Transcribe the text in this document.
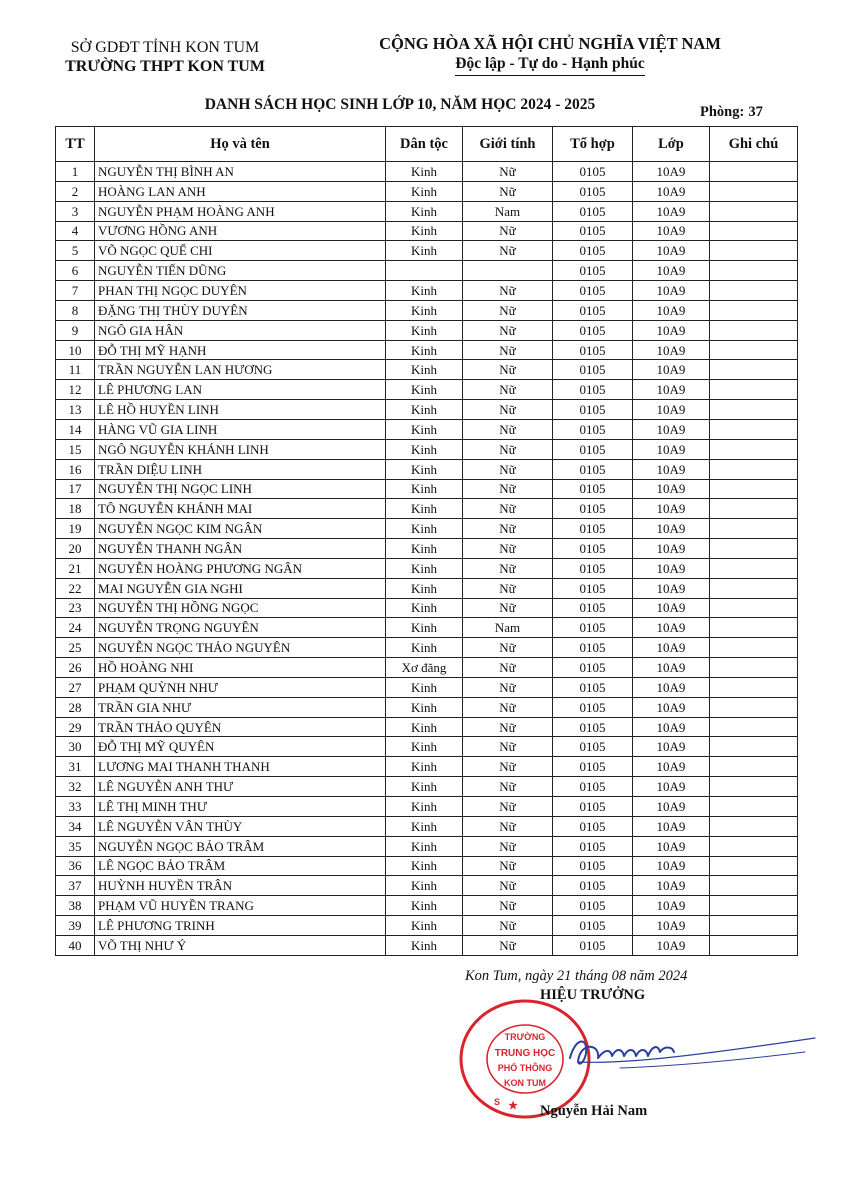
SỞ GDĐT TỈNH KON TUM
TRƯỜNG THPT KON TUM
CỘNG HÒA XÃ HỘI CHỦ NGHĨA VIỆT NAM
Độc lập - Tự do - Hạnh phúc
DANH SÁCH HỌC SINH LỚP 10, NĂM HỌC 2024 - 2025	Phòng: 37
TT	Họ và tên	Dân tộc	Giới tính	Tổ hợp	Lớp	Ghi chú
1	NGUYỄN THỊ BÌNH AN	Kinh	Nữ	0105	10A9	
2	HOÀNG LAN ANH	Kinh	Nữ	0105	10A9	
3	NGUYỄN PHẠM HOÀNG ANH	Kinh	Nam	0105	10A9	
4	VƯƠNG HỒNG ANH	Kinh	Nữ	0105	10A9	
5	VÕ NGỌC QUẾ CHI	Kinh	Nữ	0105	10A9	
6	NGUYỄN TIẾN DŨNG			0105	10A9	
7	PHAN THỊ NGỌC DUYÊN	Kinh	Nữ	0105	10A9	
8	ĐẶNG THỊ THÙY DUYÊN	Kinh	Nữ	0105	10A9	
9	NGÔ GIA HÂN	Kinh	Nữ	0105	10A9	
10	ĐỖ THỊ MỸ HẠNH	Kinh	Nữ	0105	10A9	
11	TRẦN NGUYỄN LAN HƯƠNG	Kinh	Nữ	0105	10A9	
12	LÊ PHƯƠNG LAN	Kinh	Nữ	0105	10A9	
13	LÊ HỒ HUYỀN LINH	Kinh	Nữ	0105	10A9	
14	HÀNG VŨ GIA LINH	Kinh	Nữ	0105	10A9	
15	NGÔ NGUYỄN KHÁNH LINH	Kinh	Nữ	0105	10A9	
16	TRẦN DIỆU LINH	Kinh	Nữ	0105	10A9	
17	NGUYỄN THỊ NGỌC LINH	Kinh	Nữ	0105	10A9	
18	TÔ NGUYỄN KHÁNH MAI	Kinh	Nữ	0105	10A9	
19	NGUYỄN NGỌC KIM NGÂN	Kinh	Nữ	0105	10A9	
20	NGUYỄN THANH NGÂN	Kinh	Nữ	0105	10A9	
21	NGUYỄN HOÀNG PHƯƠNG NGÂN	Kinh	Nữ	0105	10A9	
22	MAI NGUYỄN GIA NGHI	Kinh	Nữ	0105	10A9	
23	NGUYỄN THỊ HỒNG NGỌC	Kinh	Nữ	0105	10A9	
24	NGUYỄN TRỌNG NGUYÊN	Kinh	Nam	0105	10A9	
25	NGUYỄN NGỌC THẢO NGUYÊN	Kinh	Nữ	0105	10A9	
26	HỒ HOÀNG NHI	Xơ đăng	Nữ	0105	10A9	
27	PHẠM QUỲNH NHƯ	Kinh	Nữ	0105	10A9	
28	TRẦN GIA NHƯ	Kinh	Nữ	0105	10A9	
29	TRẦN THẢO QUYÊN	Kinh	Nữ	0105	10A9	
30	ĐỖ THỊ MỸ QUYÊN	Kinh	Nữ	0105	10A9	
31	LƯƠNG MAI THANH THANH	Kinh	Nữ	0105	10A9	
32	LÊ NGUYỄN ANH THƯ	Kinh	Nữ	0105	10A9	
33	LÊ THỊ MINH THƯ	Kinh	Nữ	0105	10A9	
34	LÊ NGUYỄN VÂN THÙY	Kinh	Nữ	0105	10A9	
35	NGUYỄN NGỌC BẢO TRÂM	Kinh	Nữ	0105	10A9	
36	LÊ NGỌC BẢO TRÂM	Kinh	Nữ	0105	10A9	
37	HUỲNH HUYỀN TRÂN	Kinh	Nữ	0105	10A9	
38	PHẠM VŨ HUYỀN TRANG	Kinh	Nữ	0105	10A9	
39	LÊ PHƯƠNG TRINH	Kinh	Nữ	0105	10A9	
40	VÕ THỊ NHƯ Ý	Kinh	Nữ	0105	10A9	
Kon Tum, ngày 21 tháng 08 năm 2024
HIỆU TRƯỞNG
TRƯỜNG
TRUNG HỌC
PHỔ THÔNG
KON TUM
S ★ Nguyễn Hải Nam
